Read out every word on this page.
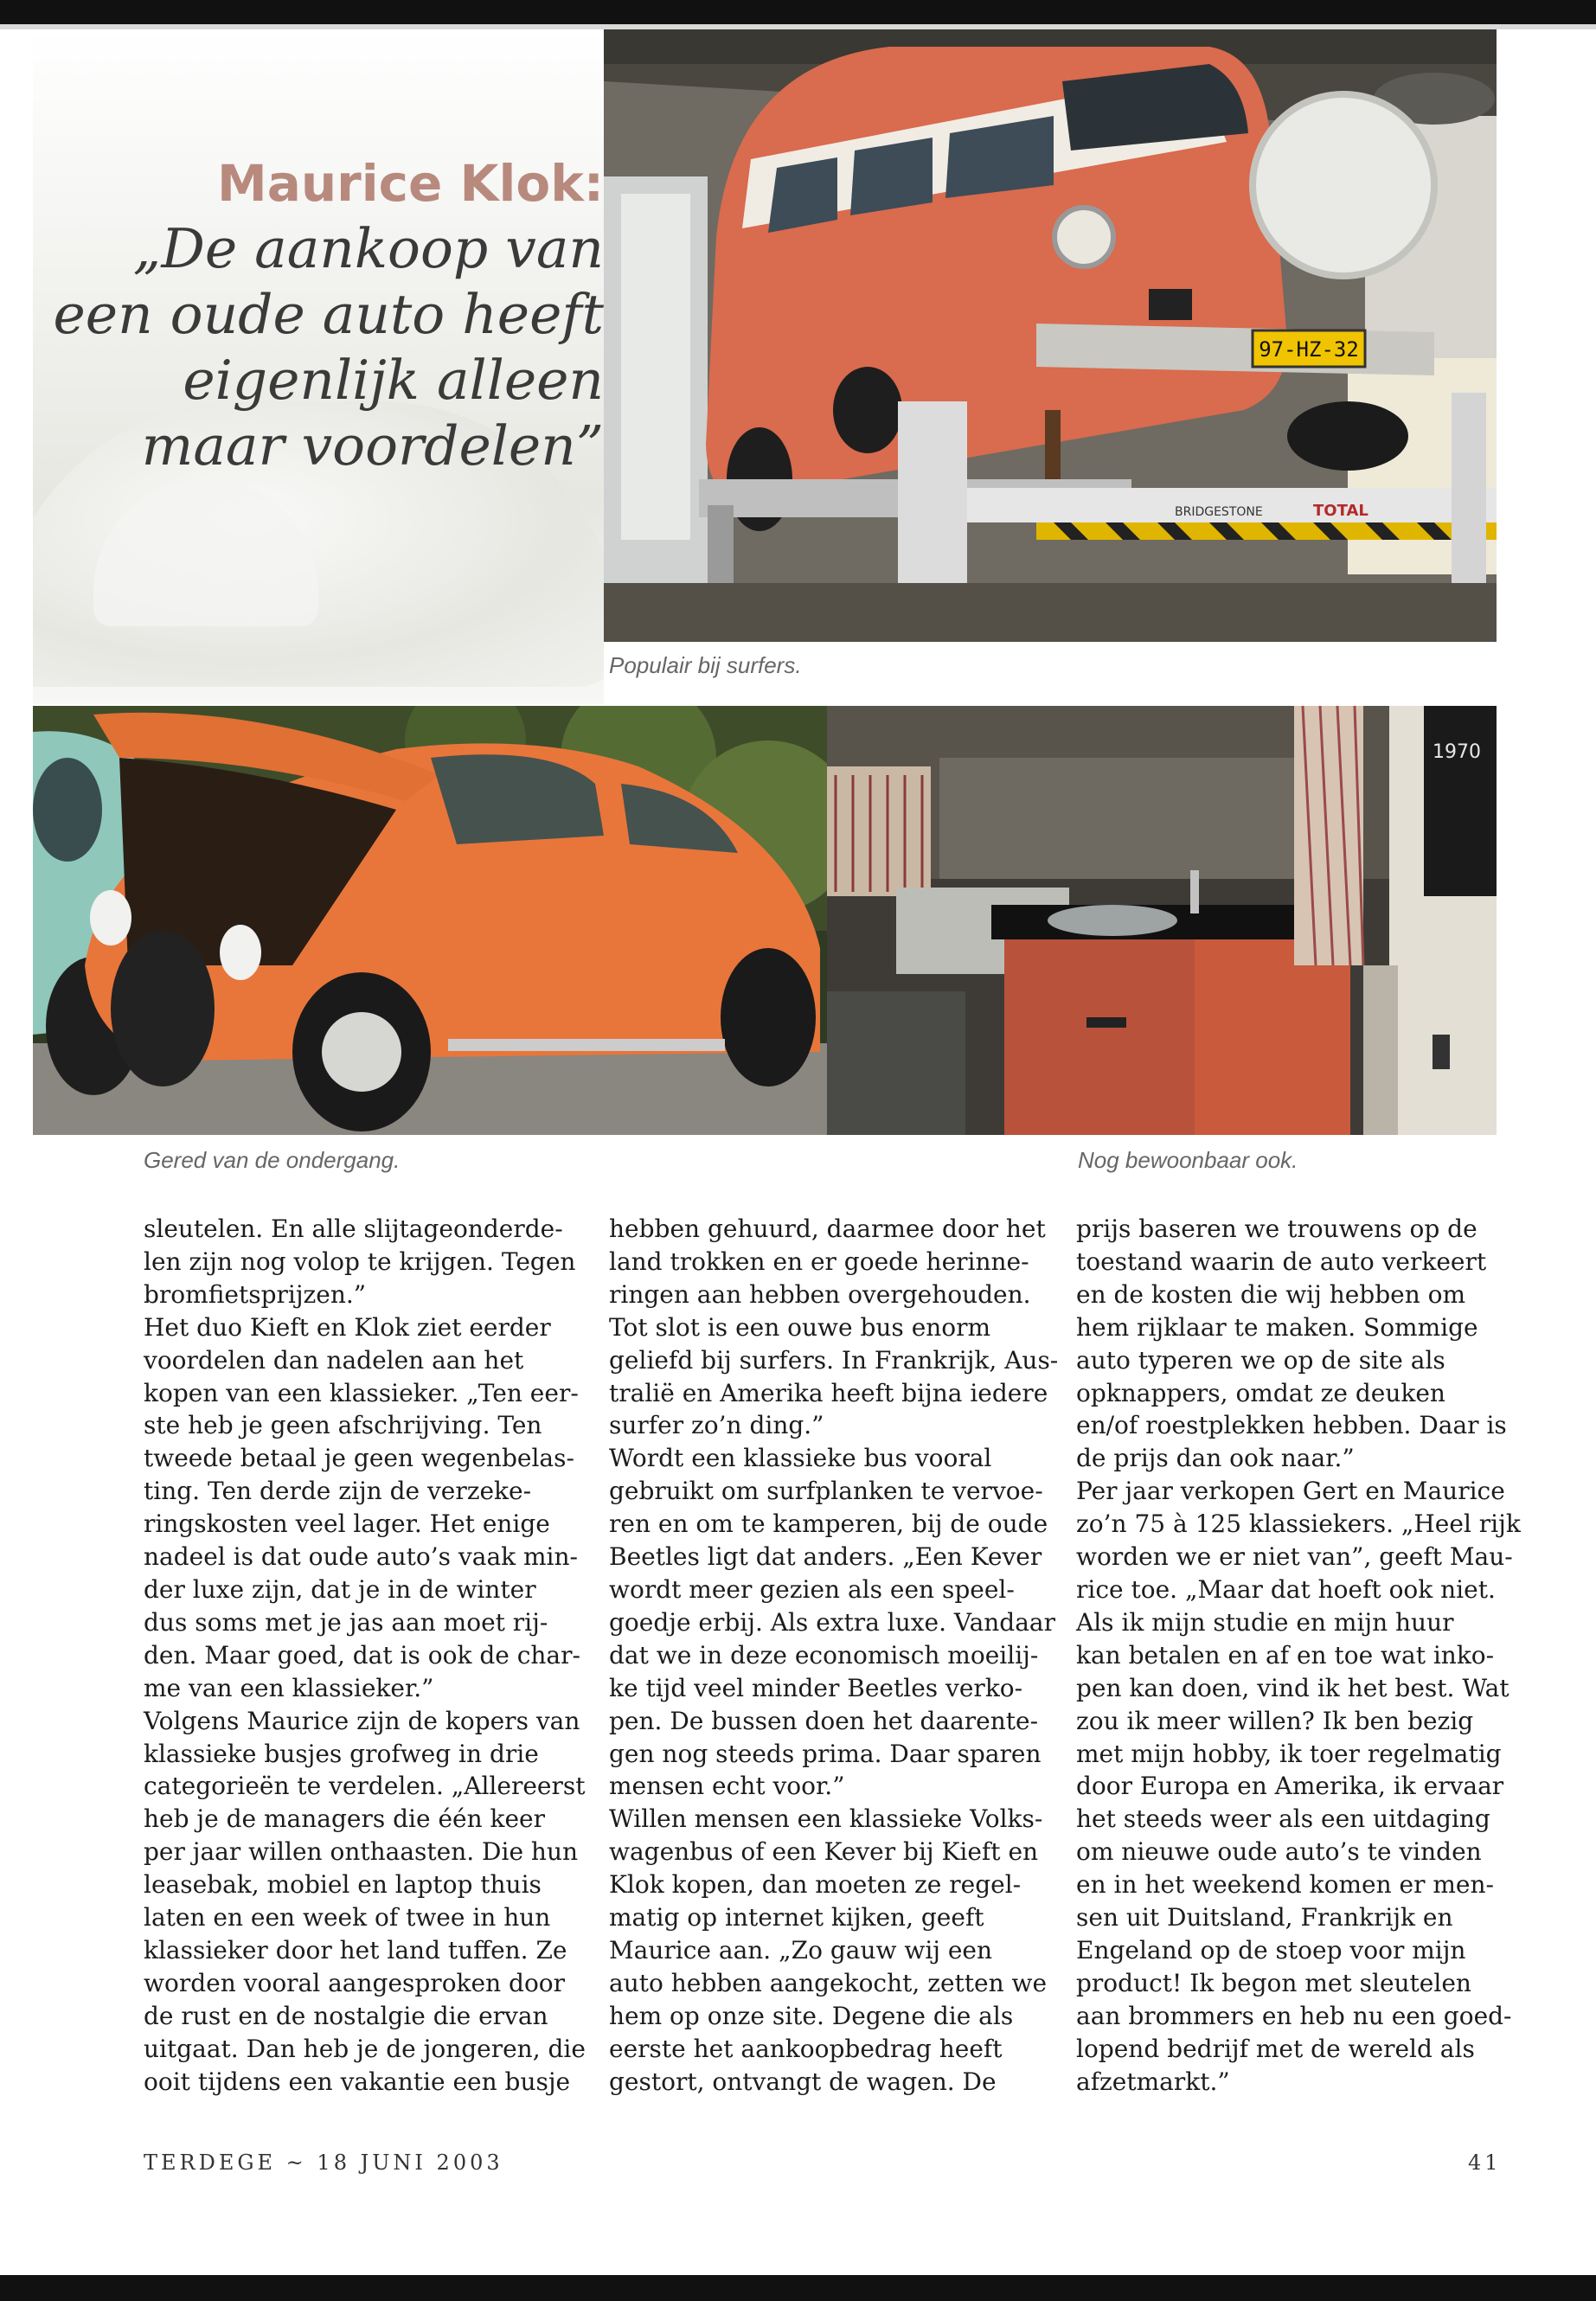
Maurice Klok:

„De aankoop van

een oude auto heeft

eigenlijk alleen

maar voordelen”

97-HZ-32
BRIDGESTONE	TOTAL
Populair bij surfers.
Gered van de ondergang.
1970
Nog bewoonbaar ook.

sleutelen. En alle slijtageonderde-

len zijn nog volop te krijgen. Tegen

bromfietsprijzen.”

Het duo Kieft en Klok ziet eerder

voordelen dan nadelen aan het

kopen van een klassieker. „Ten eer-

ste heb je geen afschrijving. Ten

tweede betaal je geen wegenbelas-

ting. Ten derde zijn de verzeke-

ringskosten veel lager. Het enige

nadeel is dat oude auto’s vaak min-

der luxe zijn, dat je in de winter

dus soms met je jas aan moet rij-

den. Maar goed, dat is ook de char-

me van een klassieker.”

Volgens Maurice zijn de kopers van

klassieke busjes grofweg in drie

categorieën te verdelen. „Allereerst

heb je de managers die één keer

per jaar willen onthaasten. Die hun

leasebak, mobiel en laptop thuis

laten en een week of twee in hun

klassieker door het land tuffen. Ze

worden vooral aangesproken door

de rust en de nostalgie die ervan

uitgaat. Dan heb je de jongeren, die

ooit tijdens een vakantie een busje

hebben gehuurd, daarmee door het

land trokken en er goede herinne-

ringen aan hebben overgehouden.

Tot slot is een ouwe bus enorm

geliefd bij surfers. In Frankrijk, Aus-

tralië en Amerika heeft bijna iedere

surfer zo’n ding.”

Wordt een klassieke bus vooral

gebruikt om surfplanken te vervoe-

ren en om te kamperen, bij de oude

Beetles ligt dat anders. „Een Kever

wordt meer gezien als een speel-

goedje erbij. Als extra luxe. Vandaar

dat we in deze economisch moeilij-

ke tijd veel minder Beetles verko-

pen. De bussen doen het daarente-

gen nog steeds prima. Daar sparen

mensen echt voor.”

Willen mensen een klassieke Volks-

wagenbus of een Kever bij Kieft en

Klok kopen, dan moeten ze regel-

matig op internet kijken, geeft

Maurice aan. „Zo gauw wij een

auto hebben aangekocht, zetten we

hem op onze site. Degene die als

eerste het aankoopbedrag heeft

gestort, ontvangt de wagen. De

prijs baseren we trouwens op de

toestand waarin de auto verkeert

en de kosten die wij hebben om

hem rijklaar te maken. Sommige

auto typeren we op de site als

opknappers, omdat ze deuken

en/of roestplekken hebben. Daar is

de prijs dan ook naar.”

Per jaar verkopen Gert en Maurice

zo’n 75 à 125 klassiekers. „Heel rijk

worden we er niet van”, geeft Mau-

rice toe. „Maar dat hoeft ook niet.

Als ik mijn studie en mijn huur

kan betalen en af en toe wat inko-

pen kan doen, vind ik het best. Wat

zou ik meer willen? Ik ben bezig

met mijn hobby, ik toer regelmatig

door Europa en Amerika, ik ervaar

het steeds weer als een uitdaging

om nieuwe oude auto’s te vinden

en in het weekend komen er men-

sen uit Duitsland, Frankrijk en

Engeland op de stoep voor mijn

product! Ik begon met sleutelen

aan brommers en heb nu een goed-

lopend bedrijf met de wereld als

afzetmarkt.”

TERDEGE ~ 18 JUNI 2003	41
